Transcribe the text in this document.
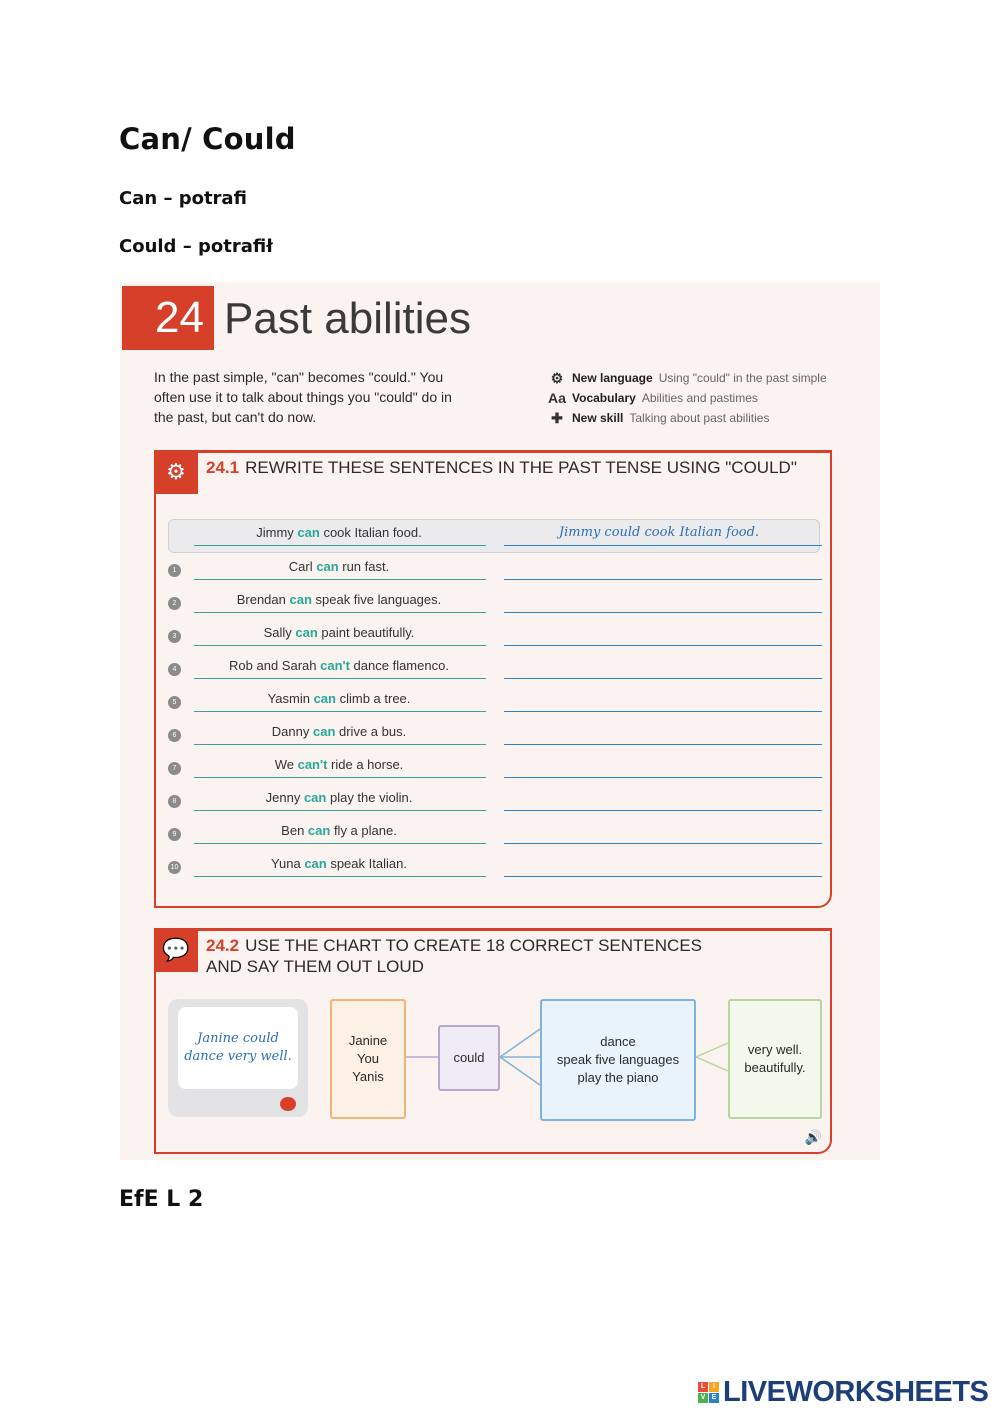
Can/ Could
Can – potrafi
Could – potrafił
24 Past abilities
In the past simple, "can" becomes "could." You often use it to talk about things you "could" do in the past, but can't do now.
⚙ New language Using "could" in the past simple
Aa Vocabulary Abilities and pastimes
✚ New skill Talking about past abilities
⚙	24.1 REWRITE THESE SENTENCES IN THE PAST TENSE USING "COULD"
Jimmy can cook Italian food.	Jimmy could cook Italian food.
1	Carl can run fast.
2	Brendan can speak five languages.
3	Sally can paint beautifully.
4	Rob and Sarah can't dance flamenco.
5	Yasmin can climb a tree.
6	Danny can drive a bus.
7	We can't ride a horse.
8	Jenny can play the violin.
9	Ben can fly a plane.
10	Yuna can speak Italian.
💬 24.2 USE THE CHART TO CREATE 18 CORRECT SENTENCES
AND SAY THEM OUT LOUD
Janine could
dance very well.
Janine
You
Yanis
could
dance
speak five languages
play the piano
very well.
beautifully.
🔊
EfE L 2
L	I
V E LIVEWORKSHEETS
